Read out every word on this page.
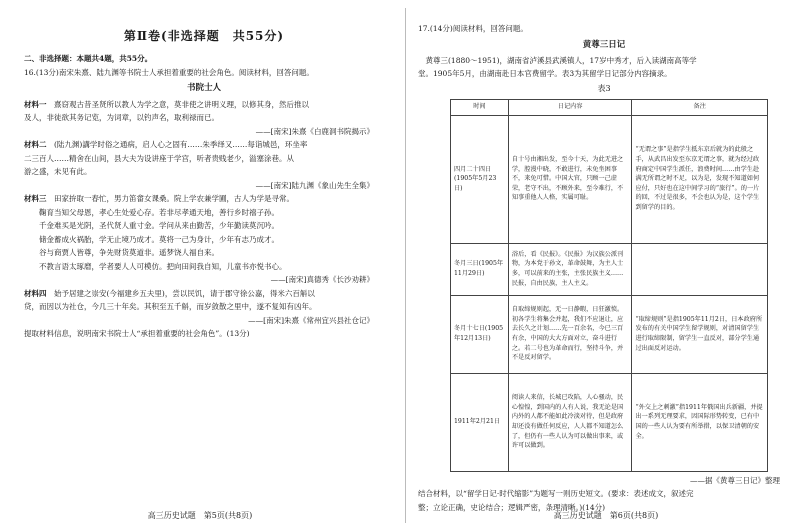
第Ⅱ卷(非选择题　共55分)
二、非选择题：本题共4题，共55分。
16.(13分)南宋朱熹、陆九渊等书院士人承担着重要的社会角色。阅读材料，回答问题。
书院士人
材料一　熹窃观古昔圣贤所以教人为学之意，莫非使之讲明义理，以修其身，然后推以
及人，非徒欲其务记览，为词章，以钓声名，取利禄而已。
——[南宋]朱熹《白鹿洞书院揭示》
材料二　(陆九渊)講学时俗之通病，启人心之固有……朱季绎又……每诣城邑，环坐率
二三百人……精舍在山间，县大夫为设讲座于学宫，听者贵贱老少，溢塞涂巷。从
游之盛，未见有此。
——[南宋]陆九渊《象山先生全集》
材料三　田家拚取一春忙，男力笛畲女课桑。院上学农兼学圃，古人为学是寻常。
　　鞠育当知父母恩，孝心生处爱心存。若非尽孝通天地，善行乡时禧子孙。
　　千金难买是光阴，圣代贤人重寸金。学问从来由勤苦，少年勤读莫沉吟。
　　储金蓄成火祸胎，学无止境乃成才。莫将一己为身计，少年有志乃成才。
　　谷与商贾人皆尊，争先财货莫道非。遥梦饶人福自来。
　　不教言语太琢磨，学者要人人可模仿。把向田间我自知，儿童书亦悦书心。
——[南宋]真德秀《长沙劝耕》
材料四　始予居建之崇安(今福建乡五夫里)，尝以民饥，请于郡守徐公嘉，得米六百斛以
贷，而因以为社仓，今几三十年矣。其积至五千斛，而岁敛散之里中，遂不复知有凶年。
——[南宋]朱熹《常州宜兴县社仓记》
提取材料信息，说明南宋书院士人“承担着重要的社会角色”。(13分)
高三历史试题　第5页(共8页)
17.(14分)阅读材料，回答问题。
黄尊三日记
　黄尊三(1880～1951)，湖南省泸溪县武溪镇人，17岁中秀才，后入读湖南高等学
堂。1905年5月，由湖南赴日本官费留学。表3为其留学日记部分内容摘录。
表3
时间	日记内容	备注
四月二十四日(1905年5月23日)	自十号由湘出发，至今十天，为此无进之学，腔漫中晓，不敢进行，未免坐困事不，来免可惜。中国大官，只顾一己虚荣，老守不出，不顾外来，至今难行，不知事重他人人格，实属可耻。	“无谓之事”是指学生抵东京后就为的此般之手，从武昌出发至东京无谓之事，就为经过政府商定中国学生派任，浪费时间……由学生赴满无所谓之时不足，以为是，发现不知道如何应付，只好也在这中间学习的“旅行”。的一片的回，不过是很多，不会也认为是，这个学生到留学的目的。
冬月三日(1905年11月29日)	浴后，看《民报》。《民报》为汉族公派刊物，为本党于孙文，革命鼓舞，为主人士多，可以前来的主张，主张民族主义……民报，自由民族，主人主义。	
冬月十七日(1905年12月13日)	自取缔规则起，无一日静暇，日狂激愤。初各学生将集会并起，我们不应退让，应去长久之计划……先一百余名，今已三百有余，中国的大大方面对立，奋斗进行之。若二号也为革命而行，坚持斗争，并不是反对留学。	“取缔规则”是指1905年11月2日，日本政府所发布的有关中国学生留学规则，对清国留学生进行取缔限制，留学生一直反对，部分学生通过出面反对运动。
1911年2月21日	阅读人来信，长城已攻陷，人心骚动，民心惶惶，到国内的人有人说，我无论是国内外的人都不能如此冷淡对待，但是政府却还没有做任何反应，人人都不知道怎么了，但仍有一些人认为可以做出事来，或许可以做到。	“外交上之刺激”指1911年俄国出兵新疆，并提出一系列无理要求，因国际形势转变，已有中国的一些人认为要有所举措，以保卫清朝的安全。
——据《黄尊三日记》整理
结合材料，以“留学日记·时代缩影”为题写一则历史短文。(要求：表述成文，叙述完
整；立论正确，史论结合；逻辑严密，条理清晰。)(14分)
高三历史试题　第6页(共8页)
